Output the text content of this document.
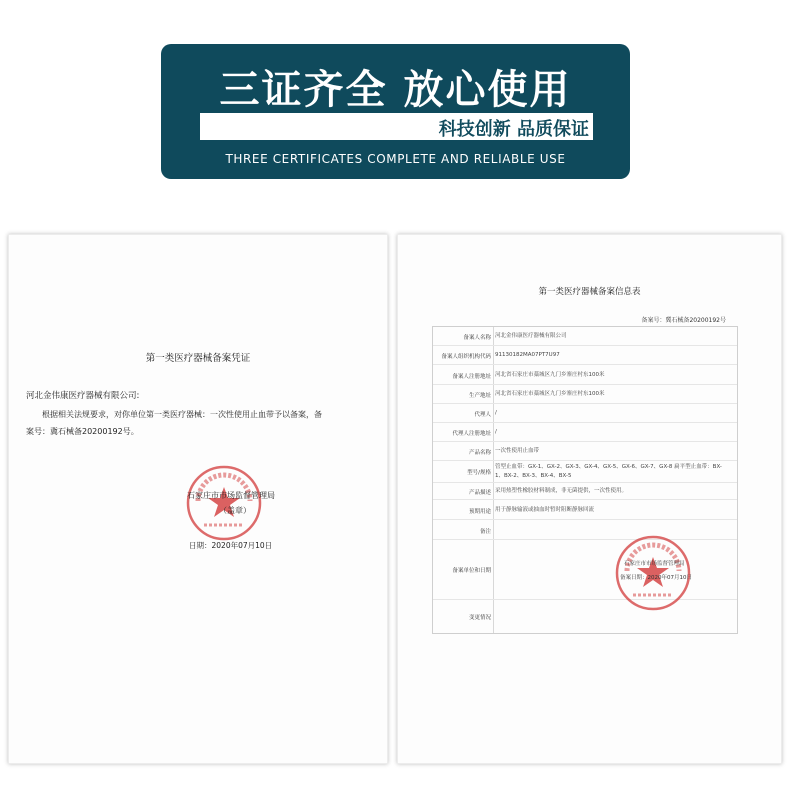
三证齐全 放心使用
科技创新 品质保证
THREE CERTIFICATES COMPLETE AND RELIABLE USE
第一类医疗器械备案凭证
河北金伟康医疗器械有限公司:
根据相关法规要求，对你单位第一类医疗器械：一次性使用止血带予以备案，备案号：冀石械备20200192号。
石家庄市市场监督管理局
（盖章）
日期：2020年07月10日
第一类医疗器械备案信息表
备案号：冀石械备20200192号
备案人名称 河北金伟康医疗器械有限公司
备案人组织机构代码 91130182MA07PT7U97
备案人注册地址 河北省石家庄市藁城区九门乡寨庄村东100米
生产地址 河北省石家庄市藁城区九门乡寨庄村东100米
代理人 /
代理人注册地址 /
产品名称 一次性使用止血带
型号/规格
管型止血带：GX-1、GX-2、GX-3、GX-4、GX-5、GX-6、GX-7、GX-8 扁平型止血带：BX-1、BX-2、BX-3、BX-4、BX-5
产品描述 采用热塑性橡胶材料制成，非无菌提供，一次性使用。
预期用途 用于静脉输液或抽血时暂时阻断静脉回流
备注
备案单位和日期
变更情况
石家庄市市场监督管理局
备案日期：2020年07月10日
